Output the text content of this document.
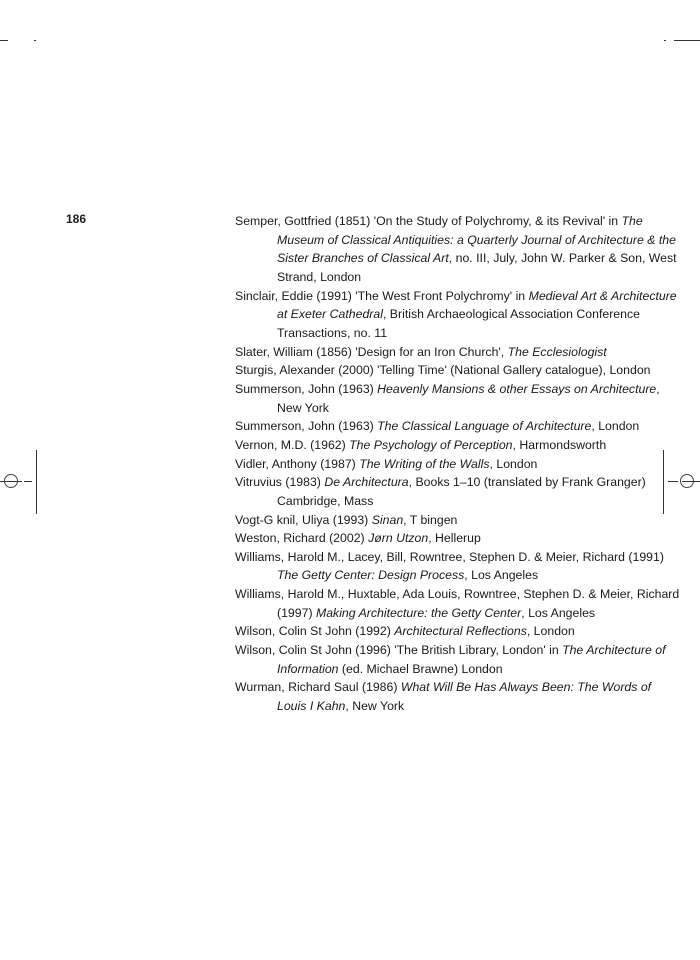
186	Semper, Gottfried (1851) 'On the Study of Polychromy, & its Revival' in The Museum of Classical Antiquities: a Quarterly Journal of Architecture & the Sister Branches of Classical Art, no. III, July, John W. Parker & Son, West Strand, London
Sinclair, Eddie (1991) 'The West Front Polychromy' in Medieval Art & Architecture at Exeter Cathedral, British Archaeological Association Conference Transactions, no. 11
Slater, William (1856) 'Design for an Iron Church', The Ecclesiologist
Sturgis, Alexander (2000) 'Telling Time' (National Gallery catalogue), London
Summerson, John (1963) Heavenly Mansions & other Essays on Architecture, New York
Summerson, John (1963) The Classical Language of Architecture, London
Vernon, M.D. (1962) The Psychology of Perception, Harmondsworth
Vidler, Anthony (1987) The Writing of the Walls, London
Vitruvius (1983) De Architectura, Books 1–10 (translated by Frank Granger) Cambridge, Mass
Vogt-G knil, Uliya (1993) Sinan, T bingen
Weston, Richard (2002) Jørn Utzon, Hellerup
Williams, Harold M., Lacey, Bill, Rowntree, Stephen D. & Meier, Richard (1991) The Getty Center: Design Process, Los Angeles
Williams, Harold M., Huxtable, Ada Louis, Rowntree, Stephen D. & Meier, Richard (1997) Making Architecture: the Getty Center, Los Angeles
Wilson, Colin St John (1992) Architectural Reflections, London
Wilson, Colin St John (1996) 'The British Library, London' in The Architecture of Information (ed. Michael Brawne) London
Wurman, Richard Saul (1986) What Will Be Has Always Been: The Words of Louis I Kahn, New York
